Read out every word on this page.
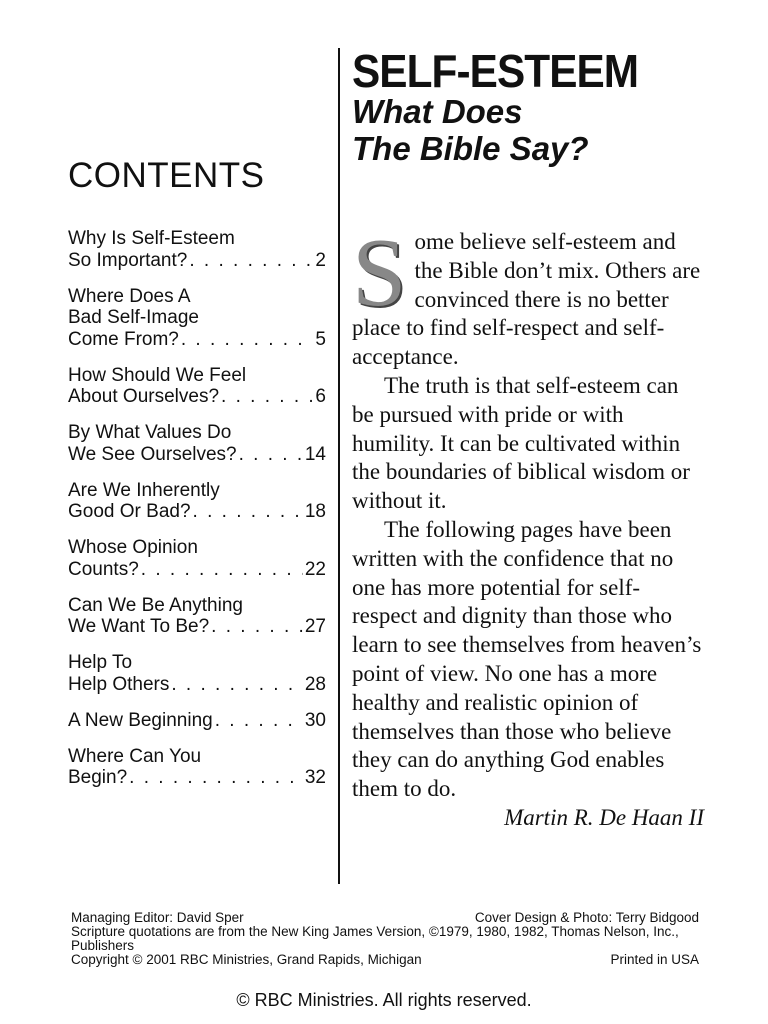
SELF-ESTEEM
What Does
The Bible Say?
CONTENTS
Why Is Self-Esteem
So Important? . . .	2
Where Does A
Bad Self-Image
Come From? . . .	5
How Should We Feel
About Ourselves? . . .	6
By What Values Do
We See Ourselves? . . .	14
Are We Inherently
Good Or Bad? . . .	18
Whose Opinion
Counts? . . .	22
Can We Be Anything
We Want To Be? . . .	27
Help To
Help Others . . .	28
A New Beginning . . .	30
Where Can You
Begin? . . .	32
S ome believe self-esteem and the Bible don’t mix. Others are convinced there is no better place to find self-respect and self-acceptance.

The truth is that self-esteem can be pursued with pride or with humility. It can be cultivated within the boundaries of biblical wisdom or without it.

The following pages have been written with the confidence that no one has more potential for self-respect and dignity than those who learn to see themselves from heaven’s point of view. No one has a more healthy and realistic opinion of themselves than those who believe they can do anything God enables them to do.

Martin R. De Haan II

Managing Editor: David Sper	Cover Design & Photo: Terry Bidgood
Scripture quotations are from the New King James Version, ©1979, 1980, 1982, Thomas Nelson, Inc., Publishers
Copyright © 2001 RBC Ministries, Grand Rapids, Michigan	Printed in USA
© RBC Ministries. All rights reserved.
